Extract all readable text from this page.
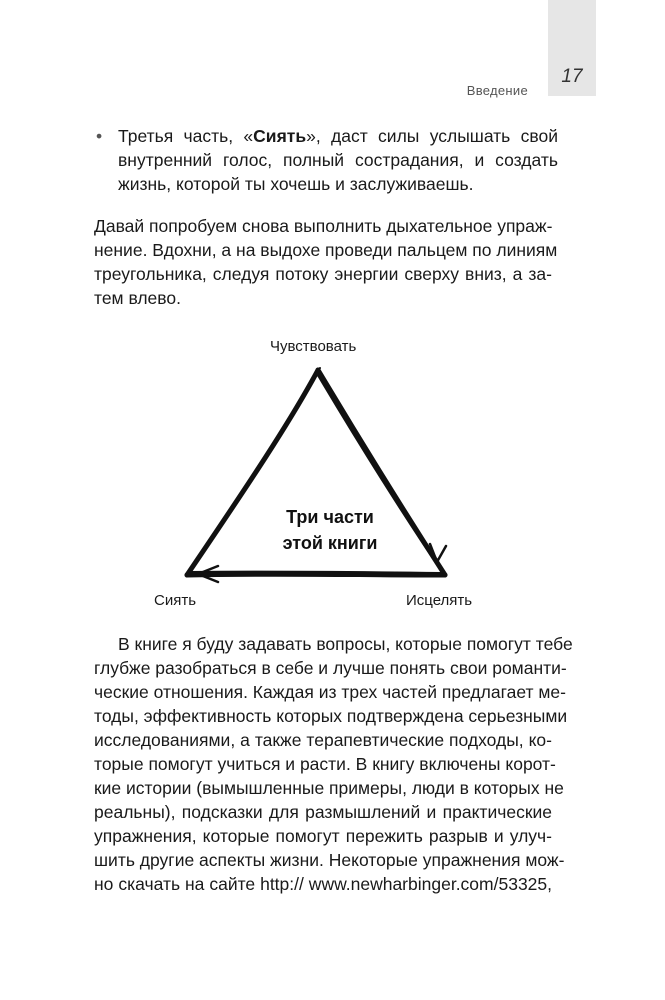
17
Введение
• Третья часть, «Сиять», даст силы услышать свой
внутренний голос, полный сострадания, и создать
жизнь, которой ты хочешь и заслуживаешь.
Давай попробуем снова выполнить дыхательное упраж-
нение. Вдохни, а на выдохе проведи пальцем по линиям
треугольника, следуя потоку энергии сверху вниз, а за-
тем влево.
Чувствовать
Сиять	Исцелять
Три части
этой книги
В книге я буду задавать вопросы, которые помогут тебе
глубже разобраться в себе и лучше понять свои романти-
ческие отношения. Каждая из трех частей предлагает ме-
тоды, эффективность которых подтверждена серьезными
исследованиями, а также терапевтические подходы, ко-
торые помогут учиться и расти. В книгу включены корот-
кие истории (вымышленные примеры, люди в которых не
реальны), подсказки для размышлений и практические
упражнения, которые помогут пережить разрыв и улуч-
шить другие аспекты жизни. Некоторые упражнения мож-
но скачать на сайте http:// www.newharbinger.com/53325,
